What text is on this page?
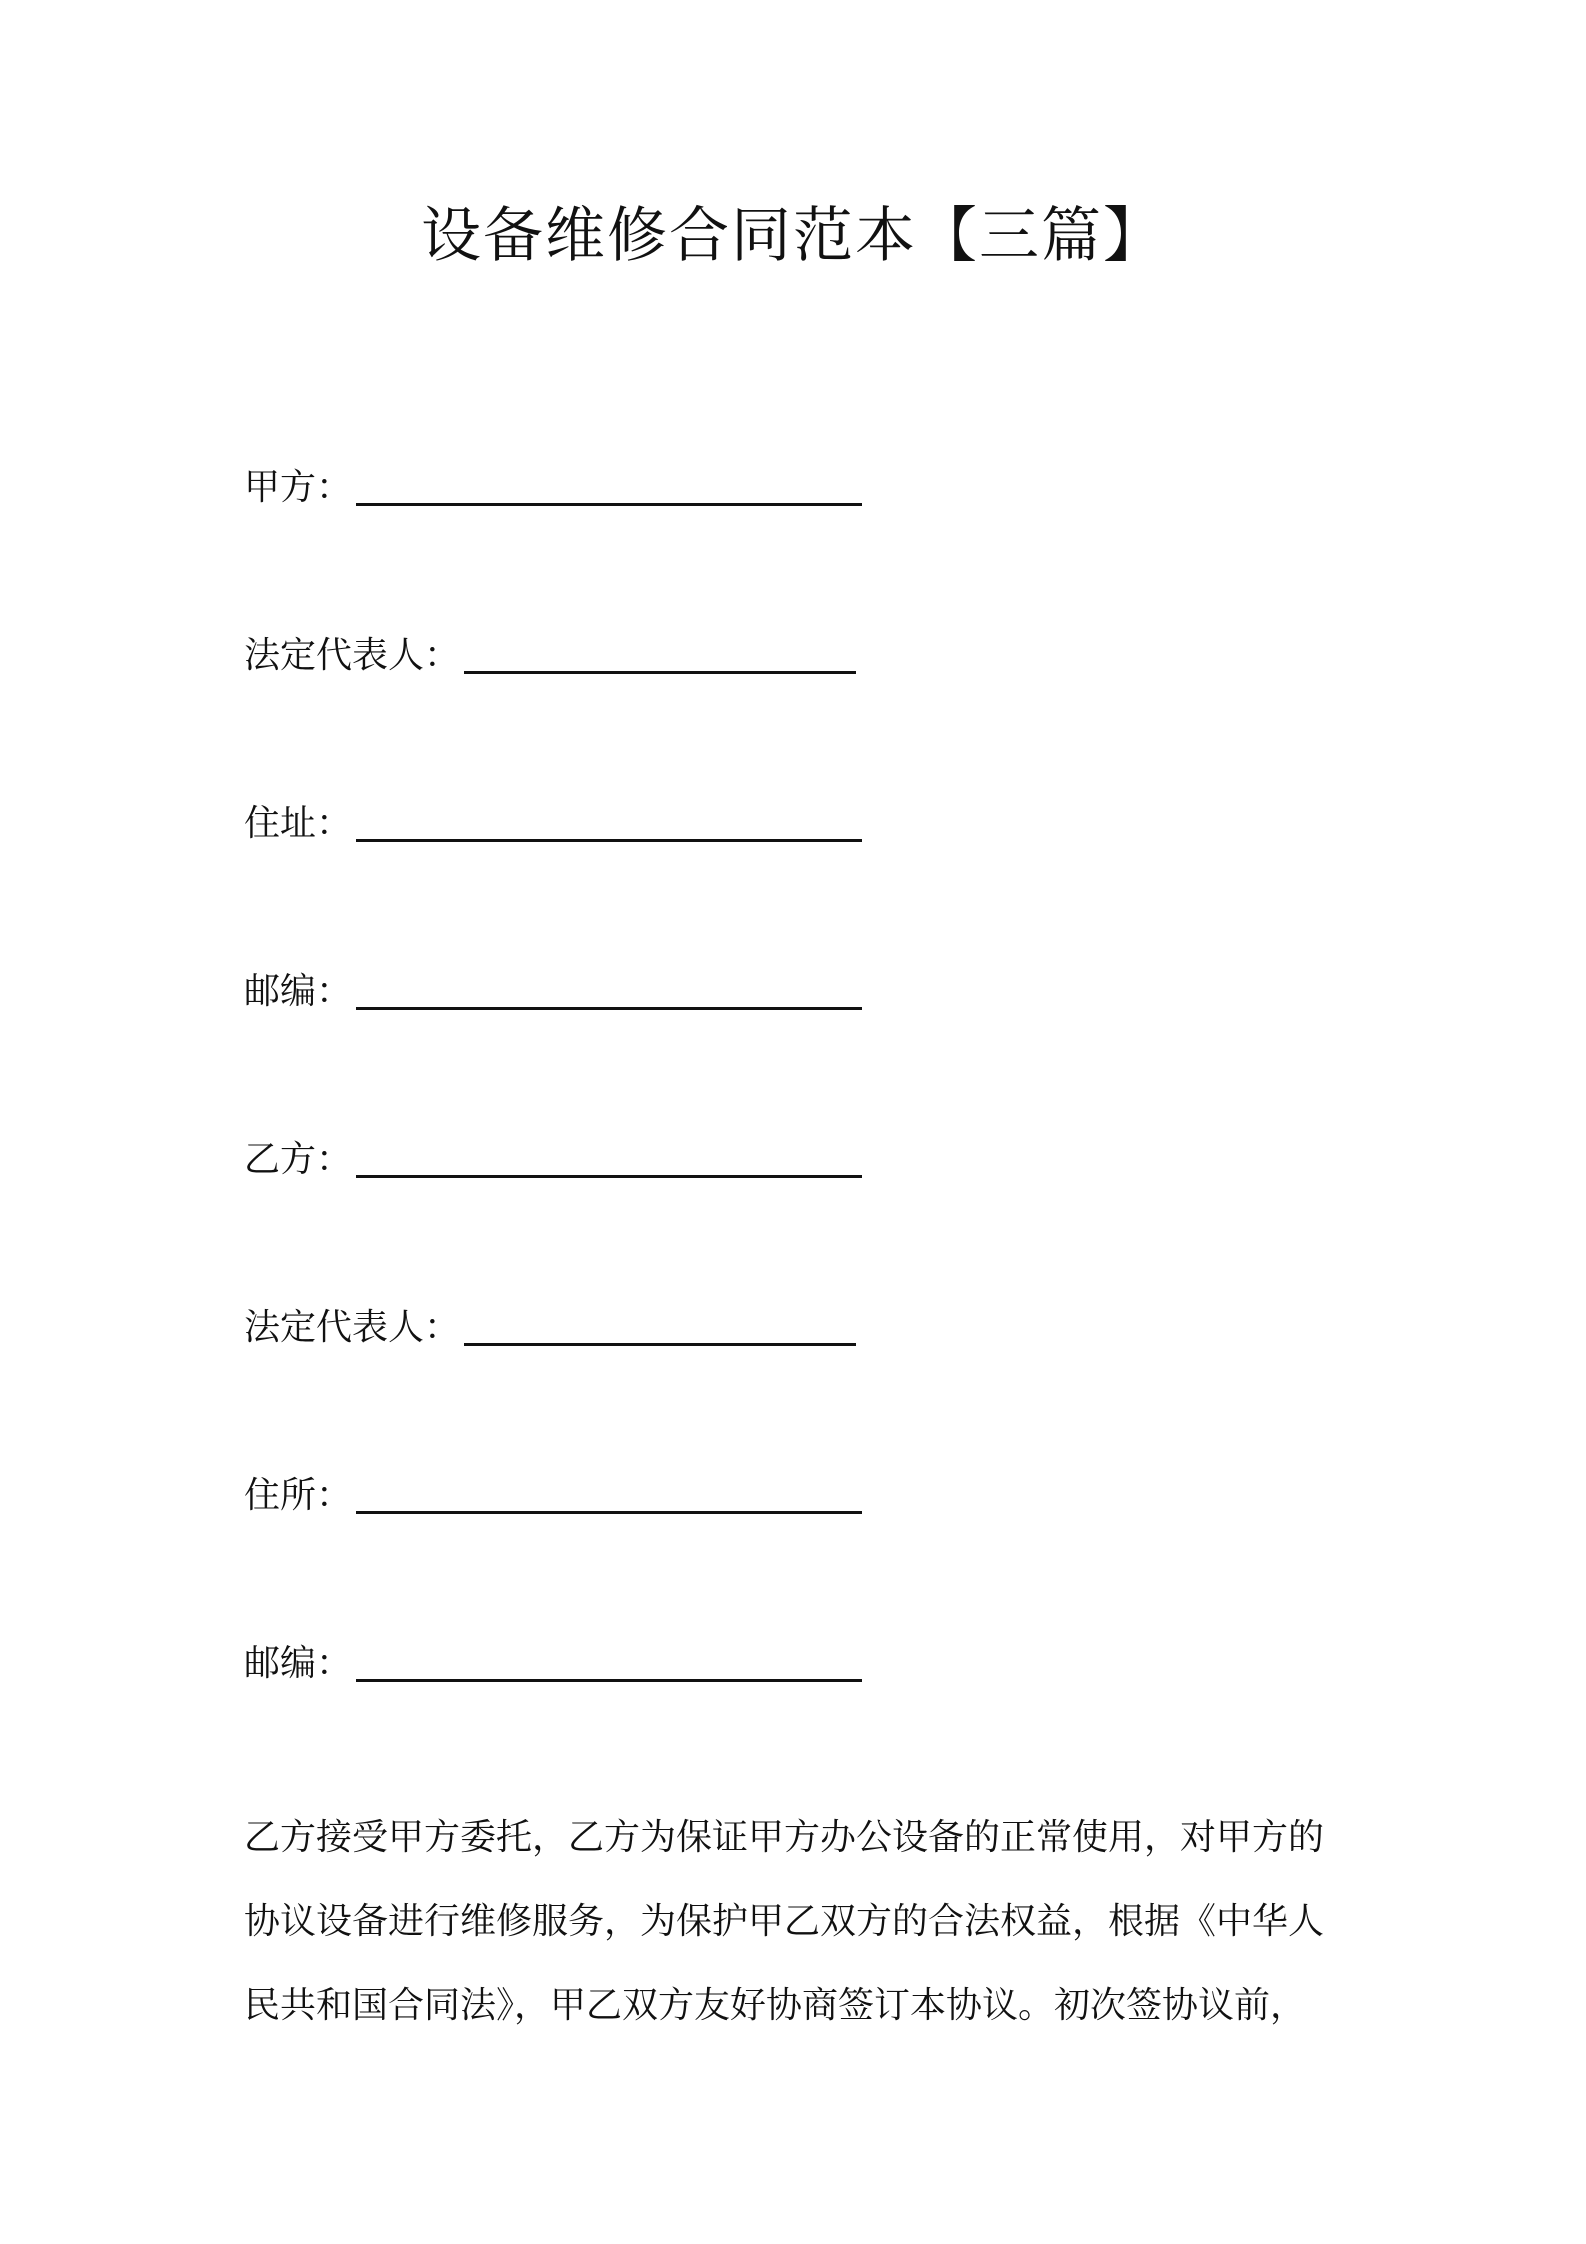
设备维修合同范本【三篇】
甲方：
法定代表人：
住址：
邮编：
乙方：
法定代表人：
住所：
邮编：
乙方接受甲方委托，乙方为保证甲方办公设备的正常使用，对甲方的
协议设备进行维修服务，为保护甲乙双方的合法权益，根据《中华人
民共和国合同法》，甲乙双方友好协商签订本协议。初次签协议前，
